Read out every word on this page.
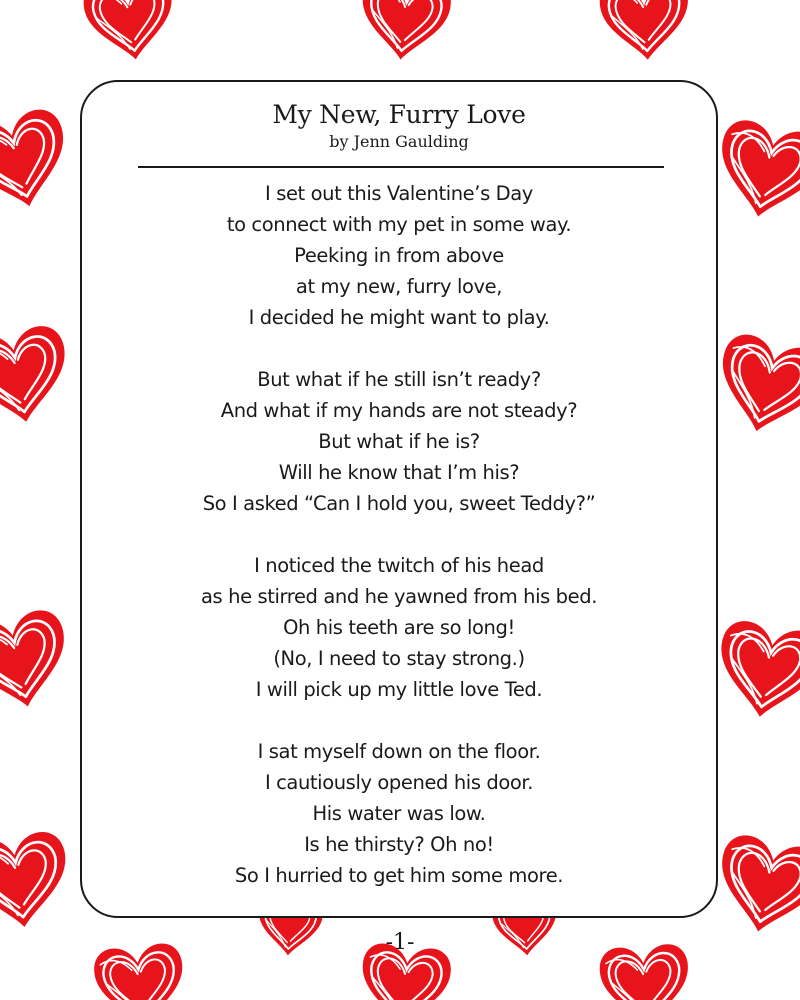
My New, Furry Love
by Jenn Gaulding
I set out this Valentine’s Day
to connect with my pet in some way.
Peeking in from above
at my new, furry love,
I decided he might want to play.
But what if he still isn’t ready?
And what if my hands are not steady?
But what if he is?
Will he know that I’m his?
So I asked “Can I hold you, sweet Teddy?”
I noticed the twitch of his head
as he stirred and he yawned from his bed.
Oh his teeth are so long!
(No, I need to stay strong.)
I will pick up my little love Ted.
I sat myself down on the floor.
I cautiously opened his door.
His water was low.
Is he thirsty? Oh no!
So I hurried to get him some more.
-1-
